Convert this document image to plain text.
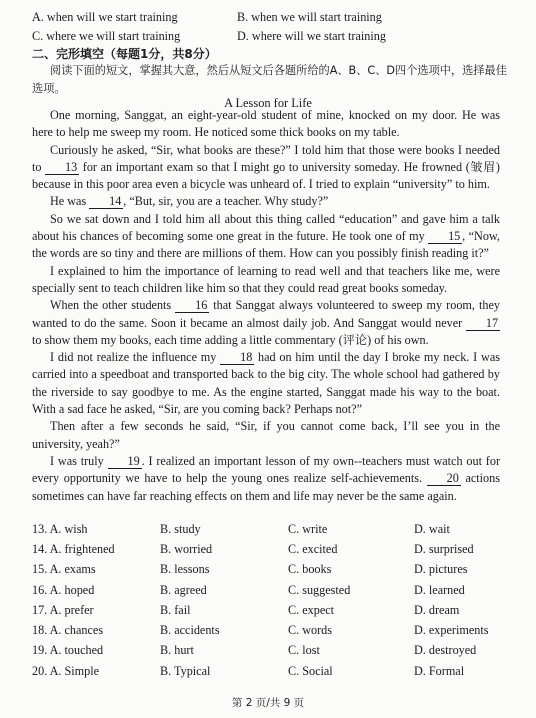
A. when will we start training	B. when we will start training
C. where we will start training	D. where will we start training
二、完形填空（每题1分，共8分）
阅读下面的短文，掌握其大意，然后从短文后各题所给的A、B、C、D四个选项中，选择最佳选项。
A Lesson for Life

One morning, Sanggat, an eight-year-old student of mine, knocked on my door. He was here to help me sweep my room. He noticed some thick books on my table.

Curiously he asked, “Sir, what books are these?” I told him that those were books I needed to 13 for an important exam so that I might go to university someday. He frowned (皱眉) because in this poor area even a bicycle was unheard of. I tried to explain “university” to him.

He was 14 , “But, sir, you are a teacher. Why study?”

So we sat down and I told him all about this thing called “education” and gave him a talk about his chances of becoming some one great in the future. He took one of my 15 , “Now, the words are so tiny and there are millions of them. How can you possibly finish reading it?”

I explained to him the importance of learning to read well and that teachers like me, were specially sent to teach children like him so that they could read great books someday.

When the other students 16 that Sanggat always volunteered to sweep my room, they wanted to do the same. Soon it became an almost daily job. And Sanggat would never 17 to show them my books, each time adding a little commentary (评论) of his own.

I did not realize the influence my 18 had on him until the day I broke my neck. I was carried into a speedboat and transported back to the big city. The whole school had gathered by the riverside to say goodbye to me. As the engine started, Sanggat made his way to the boat. With a sad face he asked, “Sir, are you coming back? Perhaps not?”

Then after a few seconds he said, “Sir, if you cannot come back, I’ll see you in the university, yeah?”

I was truly 19 . I realized an important lesson of my own--teachers must watch out for every opportunity we have to help the young ones realize self-achievements. 20 actions sometimes can have far reaching effects on them and life may never be the same again.

13. A. wish	B. study	C. write	D. wait
14. A. frightened	B. worried	C. excited	D. surprised
15. A. exams	B. lessons	C. books	D. pictures
16. A. hoped	B. agreed	C. suggested	D. learned
17. A. prefer	B. fail	C. expect	D. dream
18. A. chances	B. accidents	C. words	D. experiments
19. A. touched	B. hurt	C. lost	D. destroyed
20. A. Simple	B. Typical	C. Social	D. Formal
第 2 页/共 9 页
